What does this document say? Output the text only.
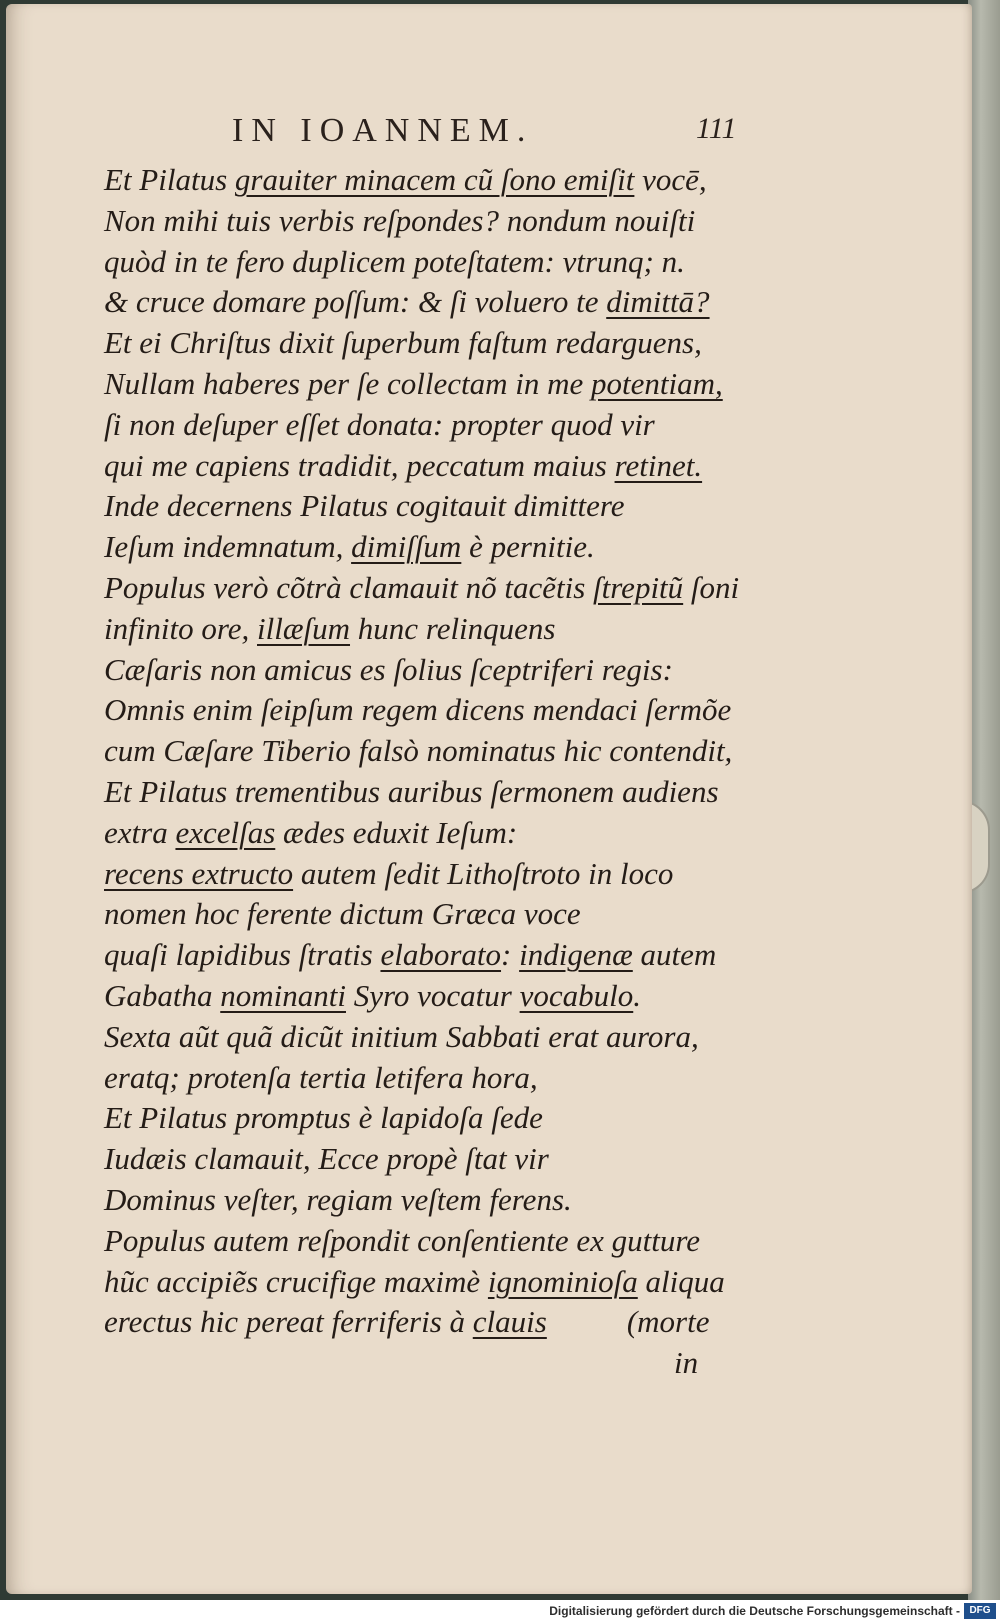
IN IOANNEM.	111
Et Pilatus grauiter minacem cũ ſono emiſit vocē,
Non mihi tuis verbis reſpondes? nondum nouiſti
quòd in te fero duplicem poteſtatem: vtrunq; n.
& cruce domare poſſum: & ſi voluero te dimittā?
Et ei Chriſtus dixit ſuperbum faſtum redarguens,
Nullam haberes per ſe collectam in me potentiam,
ſi non deſuper eſſet donata: propter quod vir
qui me capiens tradidit, peccatum maius retinet.
Inde decernens Pilatus cogitauit dimittere
Ieſum indemnatum, dimiſſum è pernitie.
Populus verò cõtrà clamauit nõ tacẽtis ſtrepitũ ſoni
infinito ore, illæſum hunc relinquens
Cæſaris non amicus es ſolius ſceptriferi regis:
Omnis enim ſeipſum regem dicens mendaci ſermõe
cum Cæſare Tiberio falsò nominatus hic contendit,
Et Pilatus trementibus auribus ſermonem audiens
extra excelſas ædes eduxit Ieſum:
recens extructo autem ſedit Lithoſtroto in loco
nomen hoc ferente dictum Græca voce
quaſi lapidibus ſtratis elaborato: indigenæ autem
Gabatha nominanti Syro vocatur vocabulo.
Sexta aũt quã dicũt initium Sabbati erat aurora,
eratq; protenſa tertia letifera hora,
Et Pilatus promptus è lapidoſa ſede
Iudæis clamauit, Ecce propè ſtat vir
Dominus veſter, regiam veſtem ferens.
Populus autem reſpondit conſentiente ex gutture
hũc accipiẽs crucifige maximè ignominioſa aliqua
erectus hic pereat ferriferis à clauis	(morte
in
Digitalisierung gefördert durch die Deutsche Forschungsgemeinschaft - DFG
